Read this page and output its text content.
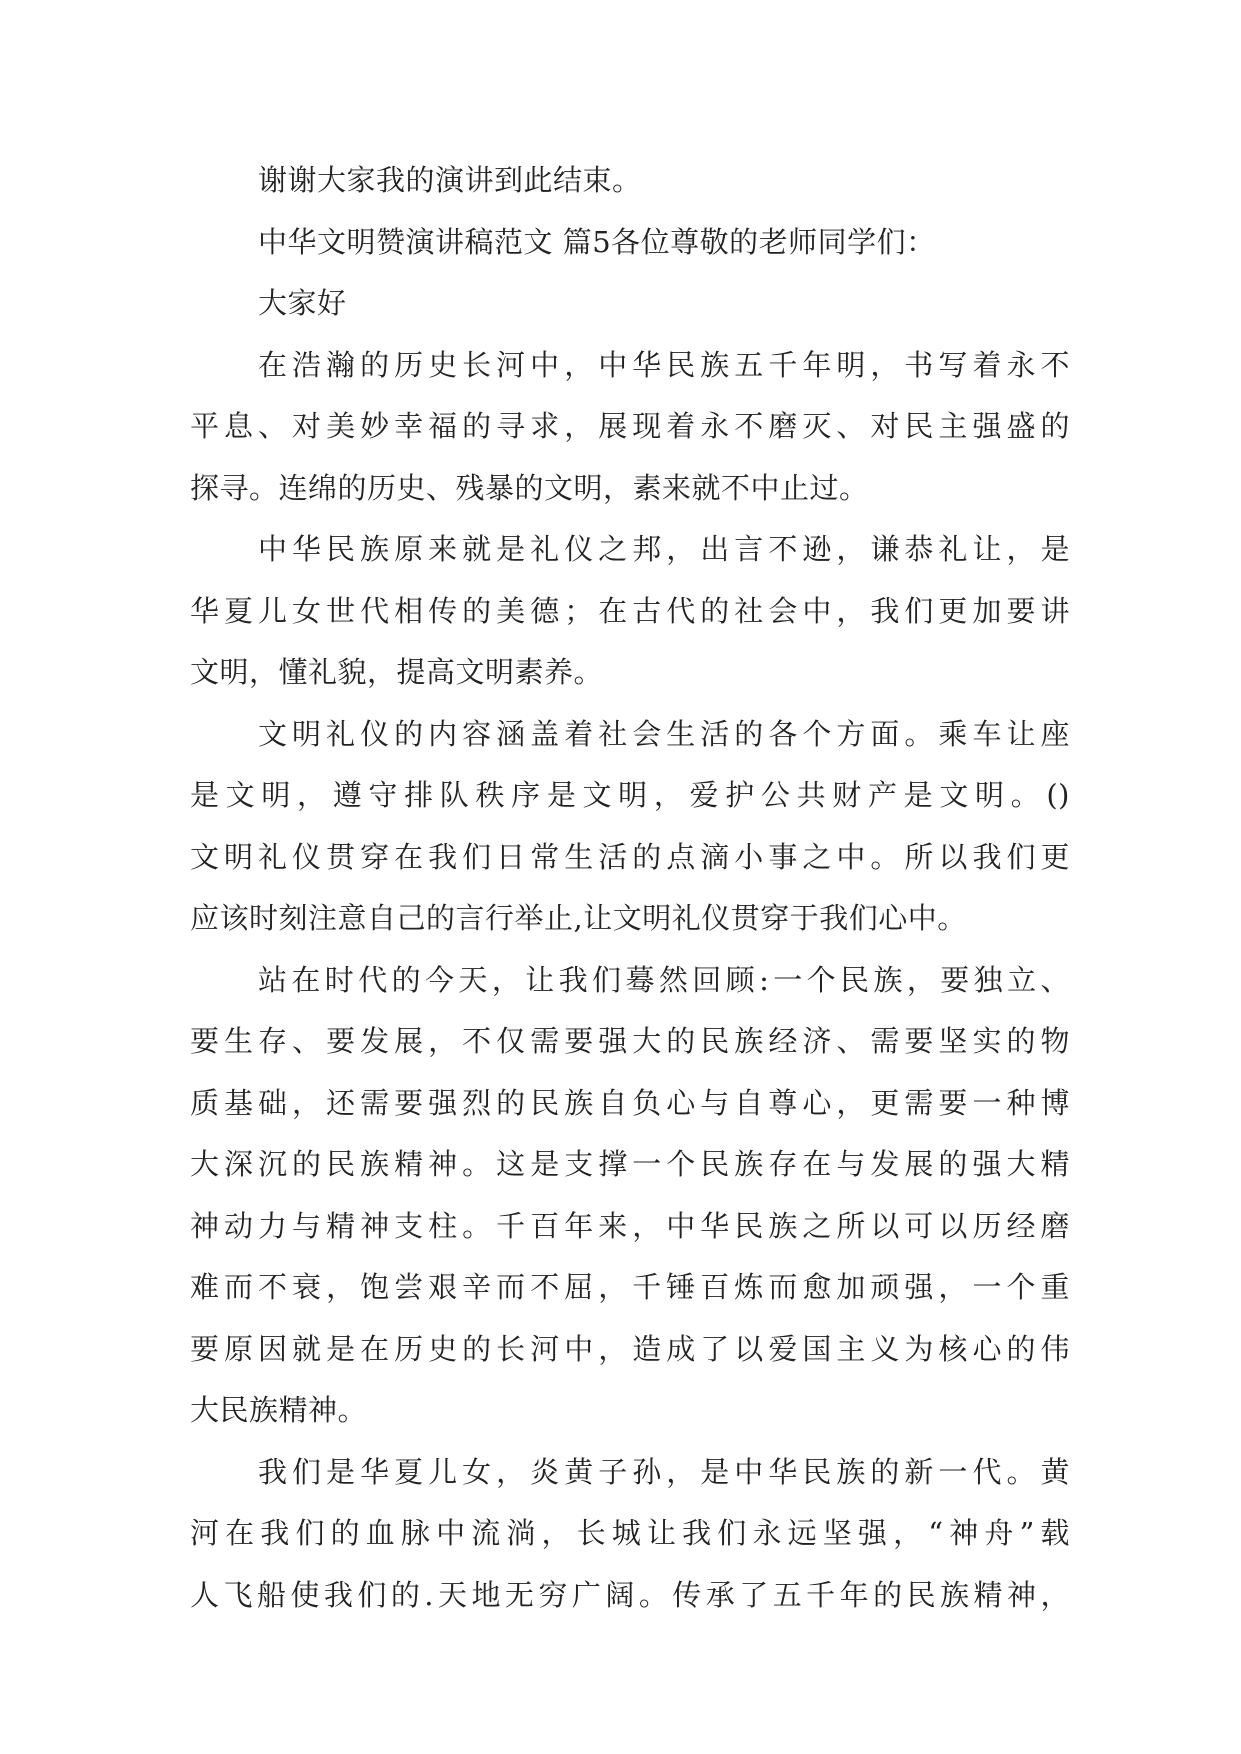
谢谢大家我的演讲到此结束。
中华文明赞演讲稿范文 篇5各位尊敬的老师同学们：
大家好
在浩瀚的历史长河中，中华民族五千年明，书写着永不
平息、对美妙幸福的寻求，展现着永不磨灭、对民主强盛的
探寻。连绵的历史、残暴的文明，素来就不中止过。
中华民族原来就是礼仪之邦，出言不逊，谦恭礼让，是
华夏儿女世代相传的美德；在古代的社会中，我们更加要讲
文明，懂礼貌，提高文明素养。
文明礼仪的内容涵盖着社会生活的各个方面。乘车让座
是文明，遵守排队秩序是文明，爱护公共财产是文明。()
文明礼仪贯穿在我们日常生活的点滴小事之中。所以我们更
应该时刻注意自己的言行举止,让文明礼仪贯穿于我们心中。
站在时代的今天，让我们蓦然回顾:一个民族，要独立、
要生存、要发展，不仅需要强大的民族经济、需要坚实的物
质基础，还需要强烈的民族自负心与自尊心，更需要一种博
大深沉的民族精神。这是支撑一个民族存在与发展的强大精
神动力与精神支柱。千百年来，中华民族之所以可以历经磨
难而不衰，饱尝艰辛而不屈，千锤百炼而愈加顽强，一个重
要原因就是在历史的长河中，造成了以爱国主义为核心的伟
大民族精神。
我们是华夏儿女，炎黄子孙，是中华民族的新一代。黄
河在我们的血脉中流淌，长城让我们永远坚强，“神舟”载
人飞船使我们的.天地无穷广阔。传承了五千年的民族精神，
